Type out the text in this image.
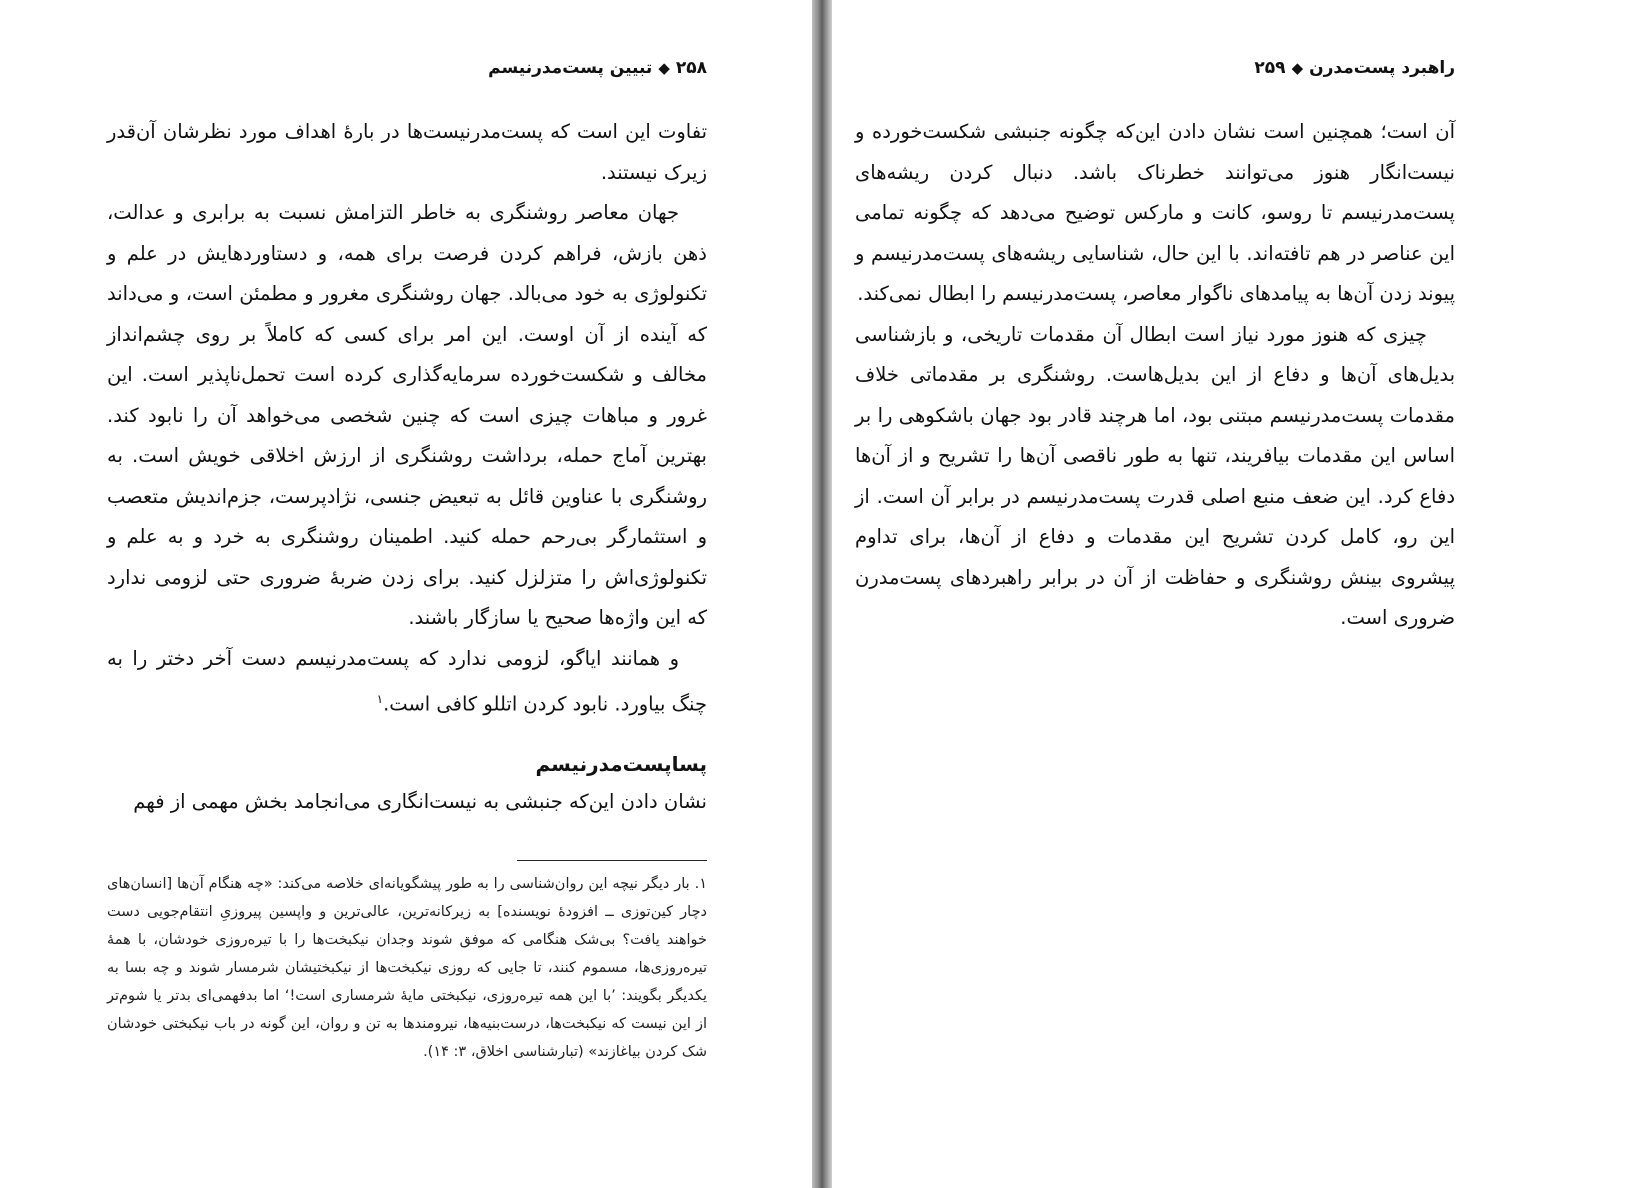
۲۵۸◆تبیین پست‌مدرنیسم

تفاوت این است که پست‌مدرنیست‌ها در بارهٔ اهداف مورد نظرشان آن‌قدر زیرک نیستند.

جهان معاصر روشنگری به خاطر التزامش نسبت به برابری و عدالت، ذهن بازش، فراهم کردن فرصت برای همه، و دستاوردهایش در علم و تکنولوژی به خود می‌بالد. جهان روشنگری مغرور و مطمئن است، و می‌داند که آینده از آن اوست. این امر برای کسی که کاملاً بر روی چشم‌انداز مخالف و شکست‌خورده سرمایه‌گذاری کرده است تحمل‌ناپذیر است. این غرور و مباهات چیزی است که چنین شخصی می‌خواهد آن را نابود کند. بهترین آماج حمله، برداشت روشنگری از ارزش اخلاقی خویش است. به روشنگری با عناوین قائل به تبعیض جنسی، نژادپرست، جزم‌اندیش متعصب و استثمارگر بی‌رحم حمله کنید. اطمینان روشنگری به خرد و به علم و تکنولوژی‌اش را متزلزل کنید. برای زدن ضربهٔ ضروری حتی لزومی ندارد که این واژه‌ها صحیح یا سازگار باشند.

و همانند ایاگو، لزومی ندارد که پست‌مدرنیسم دست آخر دختر را به چنگ بیاورد. نابود کردن اتللو کافی است.$^۱$

پساپست‌مدرنیسم
نشان دادن این‌که جنبشی به نیست‌انگاری می‌انجامد بخش مهمی از فهم
۱. بار دیگر نیچه این روان‌شناسی را به طور پیشگویانه‌ای خلاصه می‌کند: «چه هنگام آن‌ها [انسان‌های دچار کین‌توزی ــ افزودهٔ نویسنده] به زیرکانه‌ترین، عالی‌ترین و واپسین پیروزیِ انتقام‌جویی دست خواهند یافت؟ بی‌شک هنگامی که موفق شوند وجدان نیکبخت‌ها را با تیره‌روزی خودشان، با همهٔ تیره‌روزی‌ها، مسموم کنند، تا جایی که روزی نیکبخت‌ها از نیکبختیشان شرمسار شوند و چه بسا به یکدیگر بگویند: ’با این همه تیره‌روزی، نیکبختی مایهٔ شرمساری است!‘ اما بدفهمی‌ای بدتر یا شوم‌تر از این نیست که نیکبخت‌ها، درست‌بنیه‌ها، نیرومندها به تن و روان، این گونه در باب نیکبختی خودشان شک کردن بیاغازند» (تبارشناسی اخلاق، ۳: ۱۴).
راهبرد پست‌مدرن◆۲۵۹

آن است؛ همچنین است نشان دادن این‌که چگونه جنبشی شکست‌خورده و نیست‌انگار هنوز می‌توانند خطرناک باشد. دنبال کردن ریشه‌های پست‌مدرنیسم تا روسو، کانت و مارکس توضیح می‌دهد که چگونه تمامی این عناصر در هم تافته‌اند. با این حال، شناسایی ریشه‌های پست‌مدرنیسم و پیوند زدن آن‌ها به پیامدهای ناگوار معاصر، پست‌مدرنیسم را ابطال نمی‌کند.

چیزی که هنوز مورد نیاز است ابطال آن مقدمات تاریخی، و بازشناسی بدیل‌های آن‌ها و دفاع از این بدیل‌هاست. روشنگری بر مقدماتی خلاف مقدمات پست‌مدرنیسم مبتنی بود، اما هرچند قادر بود جهان باشکوهی را بر اساس این مقدمات بیافریند، تنها به طور ناقصی آن‌ها را تشریح و از آن‌ها دفاع کرد. این ضعف منبع اصلی قدرت پست‌مدرنیسم در برابر آن است. از این رو، کامل کردن تشریح این مقدمات و دفاع از آن‌ها، برای تداوم پیشروی بینش روشنگری و حفاظت از آن در برابر راهبردهای پست‌مدرن ضروری است.
